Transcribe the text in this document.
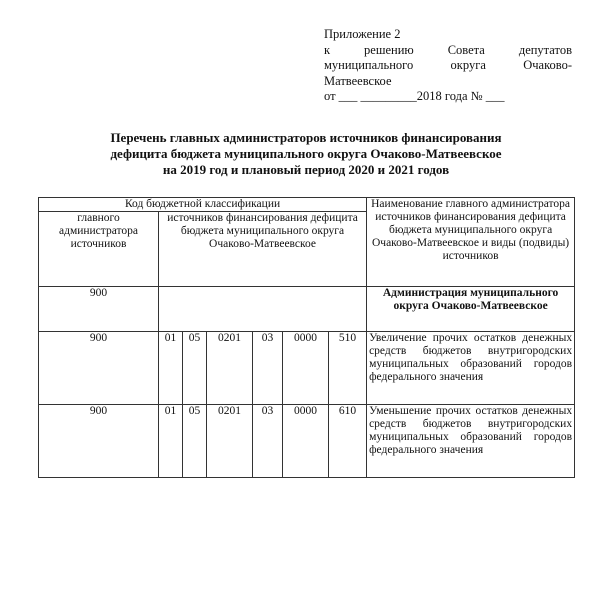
Приложение 2
к	решению	Совета	депутатов
муниципального	округа	Очаково-
Матвеевское
от ___ _________2018 года № ___
Перечень главных администраторов источников финансирования
дефицита бюджета муниципального округа Очаково-Матвеевское
на 2019 год и плановый период 2020 и 2021 годов
Код бюджетной классификации							Наименование главного администратора источников финансирования дефицита бюджета муниципального округа Очаково-Матвеевское и виды (подвиды) источников
главного администратора источников	источников финансирования дефицита бюджета муниципального округа Очаково-Матвеевское						
900							Администрация муниципального округа Очаково-Матвеевское
900	01	05	0201	03	0000	510	Увеличение прочих остатков денежных средств бюджетов внутригородских муниципальных образований городов федерального значения
900	01	05	0201	03	0000	610	Уменьшение прочих остатков денежных средств бюджетов внутригородских муниципальных образований городов федерального значения
